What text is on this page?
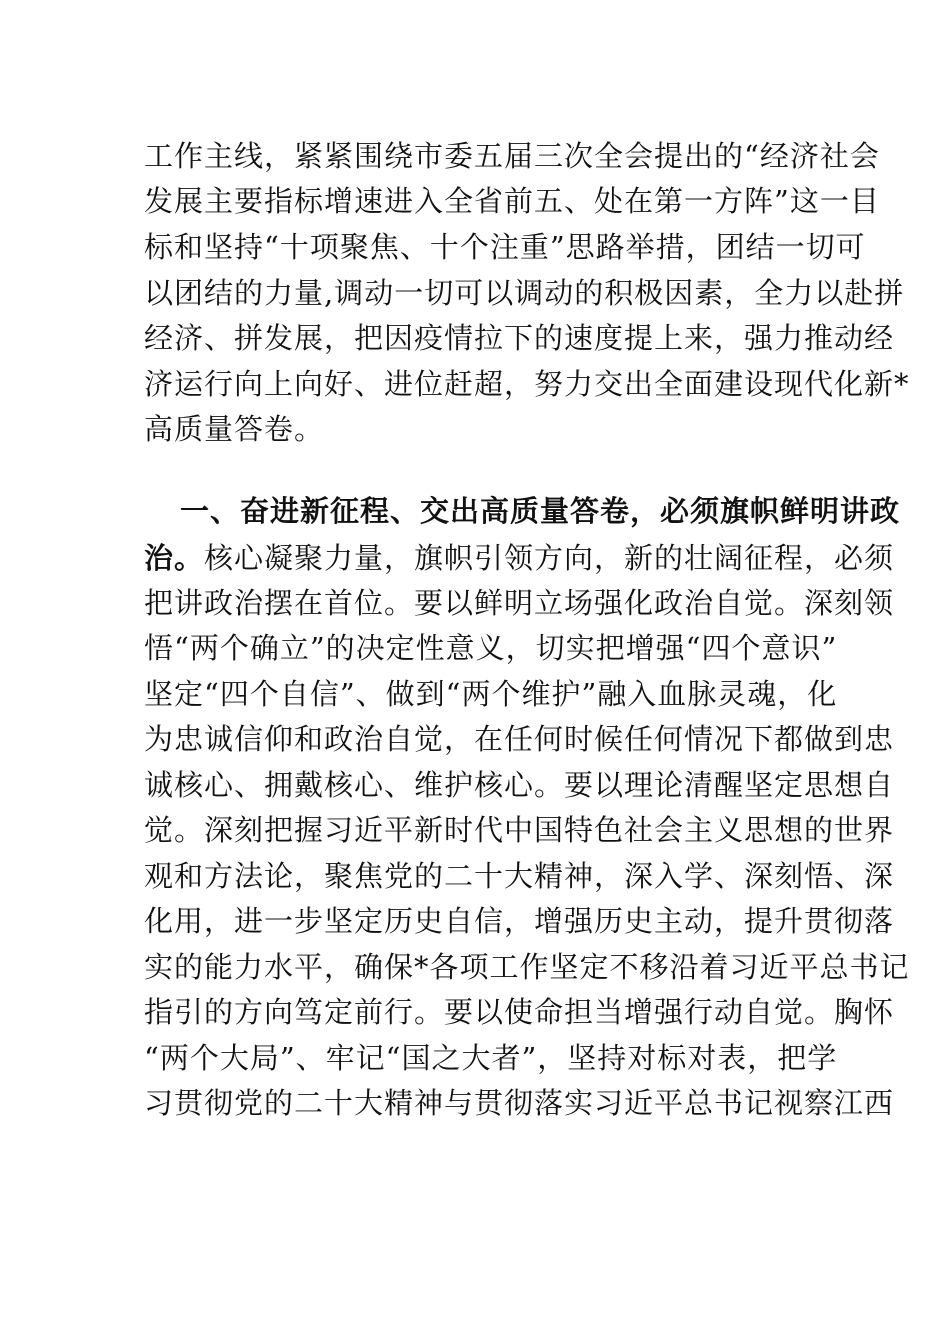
工作主线，紧紧围绕市委五届三次全会提出的“经济社会
发展主要指标增速进入全省前五、处在第一方阵”这一目
标和坚持“十项聚焦、十个注重”思路举措，团结一切可
以团结的力量,调动一切可以调动的积极因素，全力以赴拼
经济、拼发展，把因疫情拉下的速度提上来，强力推动经
济运行向上向好、进位赶超，努力交出全面建设现代化新*
高质量答卷。
一、奋进新征程、交出高质量答卷，必须旗帜鲜明讲政
治。核心凝聚力量，旗帜引领方向，新的壮阔征程，必须
把讲政治摆在首位。要以鲜明立场强化政治自觉。深刻领
悟“两个确立”的决定性意义，切实把增强“四个意识”
坚定“四个自信”、做到“两个维护”融入血脉灵魂，化
为忠诚信仰和政治自觉，在任何时候任何情况下都做到忠
诚核心、拥戴核心、维护核心。要以理论清醒坚定思想自
觉。深刻把握习近平新时代中国特色社会主义思想的世界
观和方法论，聚焦党的二十大精神，深入学、深刻悟、深
化用，进一步坚定历史自信，增强历史主动，提升贯彻落
实的能力水平，确保*各项工作坚定不移沿着习近平总书记
指引的方向笃定前行。要以使命担当增强行动自觉。胸怀
“两个大局”、牢记“国之大者”，坚持对标对表，把学
习贯彻党的二十大精神与贯彻落实习近平总书记视察江西
